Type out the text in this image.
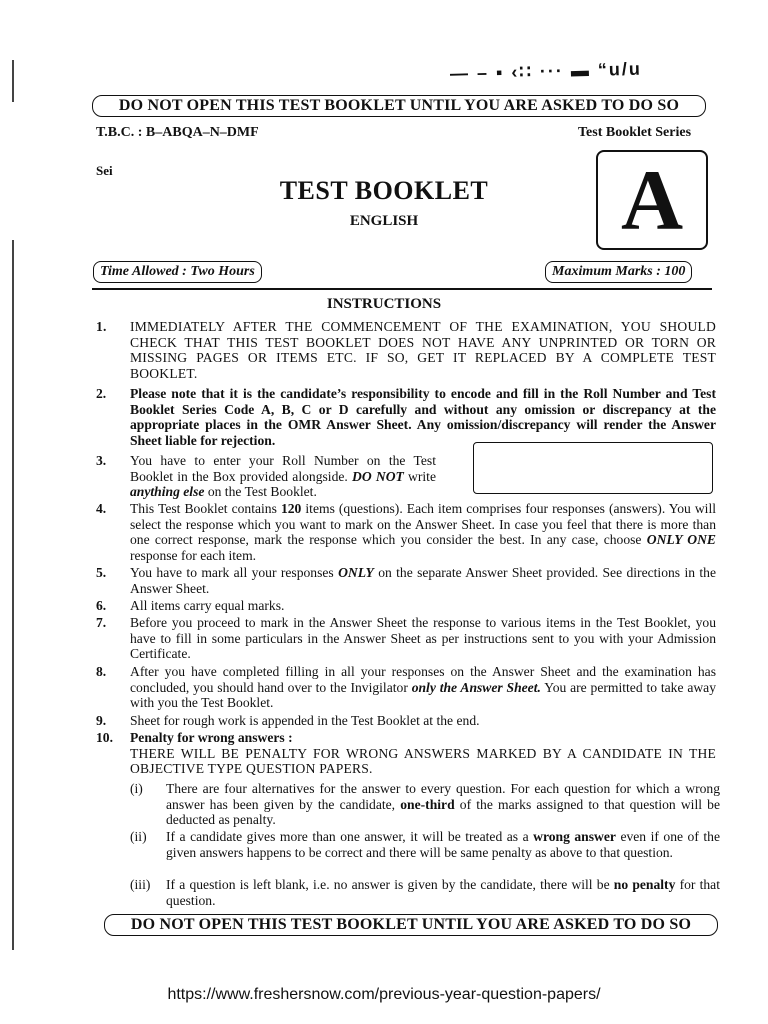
— – ▪ ‹∷ ··· ▬ “u/u
DO NOT OPEN THIS TEST BOOKLET UNTIL YOU ARE ASKED TO DO SO
T.B.C. : B–ABQA–N–DMF	Test Booklet Series
Sei
TEST BOOKLET
ENGLISH	A
Time Allowed : Two Hours	Maximum Marks : 100
INSTRUCTIONS
1. IMMEDIATELY AFTER THE COMMENCEMENT OF THE EXAMINATION, YOU SHOULD CHECK THAT THIS TEST BOOKLET DOES NOT HAVE ANY UNPRINTED OR TORN OR MISSING PAGES OR ITEMS ETC. IF SO, GET IT REPLACED BY A COMPLETE TEST BOOKLET.
2. Please note that it is the candidate’s responsibility to encode and fill in the Roll Number and Test Booklet Series Code A, B, C or D carefully and without any omission or discrepancy at the appropriate places in the OMR Answer Sheet. Any omission/discrepancy will render the Answer Sheet liable for rejection.
3. You have to enter your Roll Number on the Test Booklet in the Box provided alongside. DO NOT write anything else on the Test Booklet.
4. This Test Booklet contains 120 items (questions). Each item comprises four responses (answers). You will select the response which you want to mark on the Answer Sheet. In case you feel that there is more than one correct response, mark the response which you consider the best. In any case, choose ONLY ONE response for each item.
5. You have to mark all your responses ONLY on the separate Answer Sheet provided. See directions in the Answer Sheet.
6. All items carry equal marks.
7. Before you proceed to mark in the Answer Sheet the response to various items in the Test Booklet, you have to fill in some particulars in the Answer Sheet as per instructions sent to you with your Admission Certificate.
8. After you have completed filling in all your responses on the Answer Sheet and the examination has concluded, you should hand over to the Invigilator only the Answer Sheet. You are permitted to take away with you the Test Booklet.
9. Sheet for rough work is appended in the Test Booklet at the end.
10. Penalty for wrong answers :
THERE WILL BE PENALTY FOR WRONG ANSWERS MARKED BY A CANDIDATE IN THE OBJECTIVE TYPE QUESTION PAPERS.
(i) There are four alternatives for the answer to every question. For each question for which a wrong answer has been given by the candidate, one-third of the marks assigned to that question will be deducted as penalty.
(ii) If a candidate gives more than one answer, it will be treated as a wrong answer even if one of the given answers happens to be correct and there will be same penalty as above to that question.
(iii) If a question is left blank, i.e. no answer is given by the candidate, there will be no penalty for that question.
DO NOT OPEN THIS TEST BOOKLET UNTIL YOU ARE ASKED TO DO SO
https://www.freshersnow.com/previous-year-question-papers/
